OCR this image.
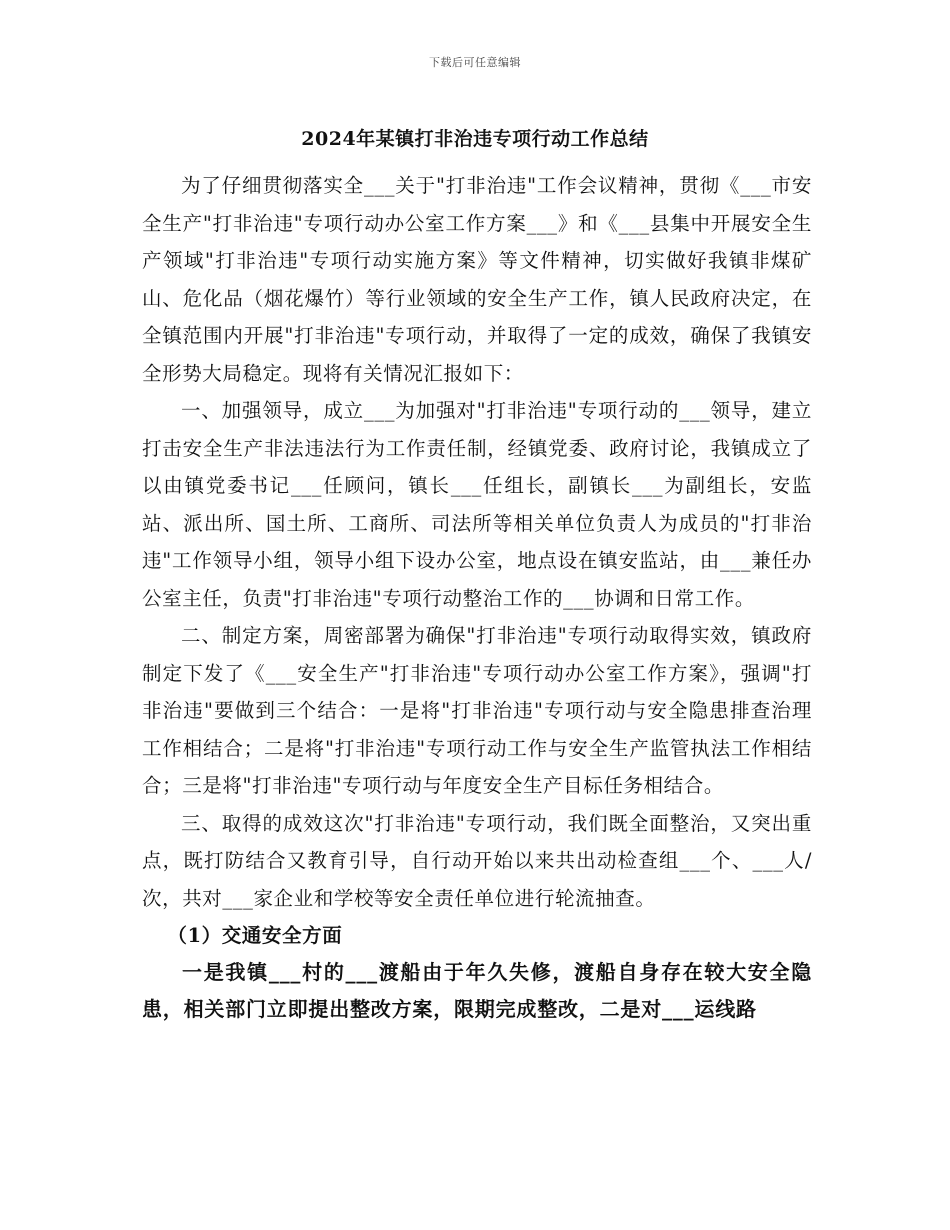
下载后可任意编辑
2024年某镇打非治违专项行动工作总结

为了仔细贯彻落实全___关于"打非治违"工作会议精神，贯彻《___市安全生产"打非治违"专项行动办公室工作方案___》和《___县集中开展安全生产领域"打非治违"专项行动实施方案》等文件精神，切实做好我镇非煤矿山、危化品（烟花爆竹）等行业领域的安全生产工作，镇人民政府决定，在全镇范围内开展"打非治违"专项行动，并取得了一定的成效，确保了我镇安全形势大局稳定。现将有关情况汇报如下：

一、加强领导，成立___为加强对"打非治违"专项行动的___领导，建立打击安全生产非法违法行为工作责任制，经镇党委、政府讨论，我镇成立了以由镇党委书记___任顾问，镇长___任组长，副镇长___为副组长，安监站、派出所、国土所、工商所、司法所等相关单位负责人为成员的"打非治违"工作领导小组，领导小组下设办公室，地点设在镇安监站，由___兼任办公室主任，负责"打非治违"专项行动整治工作的___协调和日常工作。

二、制定方案，周密部署为确保"打非治违"专项行动取得实效，镇政府制定下发了《___安全生产"打非治违"专项行动办公室工作方案》，强调"打非治违"要做到三个结合：一是将"打非治违"专项行动与安全隐患排查治理工作相结合；二是将"打非治违"专项行动工作与安全生产监管执法工作相结合；三是将"打非治违"专项行动与年度安全生产目标任务相结合。

三、取得的成效这次"打非治违"专项行动，我们既全面整治，又突出重点，既打防结合又教育引导，自行动开始以来共出动检查组___个、___人/次，共对___家企业和学校等安全责任单位进行轮流抽查。

（1）交通安全方面

一是我镇___村的___渡船由于年久失修，渡船自身存在较大安全隐患，相关部门立即提出整改方案，限期完成整改，二是对___运线路
